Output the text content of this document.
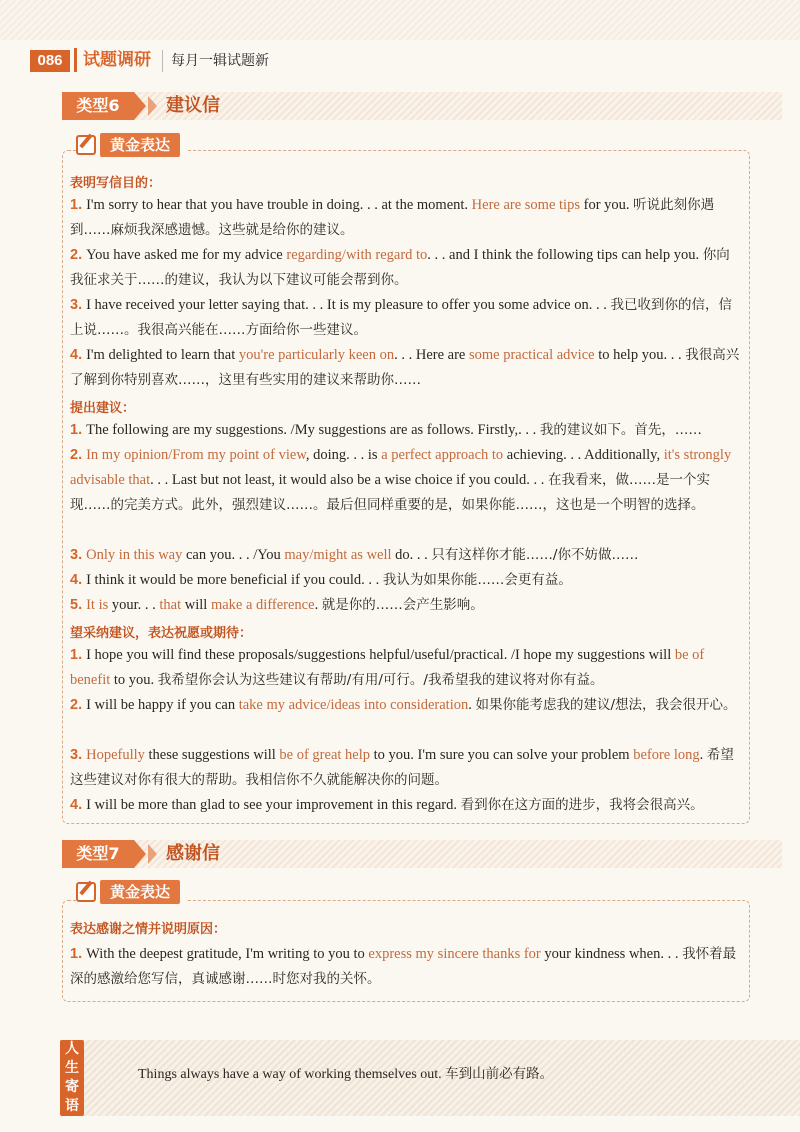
086	试题调研	每月一辑试题新
类型6	建议信
黄金表达
表明写信目的：
1. I'm sorry to hear that you have trouble in doing. . . at the moment. Here are some tips for you. 听说此刻你遇到……麻烦我深感遗憾。这些就是给你的建议。
2. You have asked me for my advice regarding/with regard to. . . and I think the following tips can help you. 你向我征求关于……的建议，我认为以下建议可能会帮到你。
3. I have received your letter saying that. . . It is my pleasure to offer you some advice on. . . 我已收到你的信，信上说……。我很高兴能在……方面给你一些建议。
4. I'm delighted to learn that you're particularly keen on. . . Here are some practical advice to help you. . . 我很高兴了解到你特别喜欢……，这里有些实用的建议来帮助你……
提出建议：
1. The following are my suggestions. /My suggestions are as follows. Firstly,. . . 我的建议如下。首先，……
2. In my opinion/From my point of view, doing. . . is a perfect approach to achieving. . . Additionally, it's strongly advisable that. . . Last but not least, it would also be a wise choice if you could. . . 在我看来，做……是一个实现……的完美方式。此外，强烈建议……。最后但同样重要的是，如果你能……，这也是一个明智的选择。
3. Only in this way can you. . . /You may/might as well do. . . 只有这样你才能……/你不妨做……
4. I think it would be more beneficial if you could. . . 我认为如果你能……会更有益。
5. It is your. . . that will make a difference. 就是你的……会产生影响。
望采纳建议，表达祝愿或期待：
1. I hope you will find these proposals/suggestions helpful/useful/practical. /I hope my suggestions will be of benefit to you. 我希望你会认为这些建议有帮助/有用/可行。/我希望我的建议将对你有益。
2. I will be happy if you can take my advice/ideas into consideration. 如果你能考虑我的建议/想法，我会很开心。
3. Hopefully these suggestions will be of great help to you. I'm sure you can solve your problem before long. 希望这些建议对你有很大的帮助。我相信你不久就能解决你的问题。
4. I will be more than glad to see your improvement in this regard. 看到你在这方面的进步，我将会很高兴。
类型7	感谢信
黄金表达
表达感谢之情并说明原因：
1. With the deepest gratitude, I'm writing to you to express my sincere thanks for your kindness when. . . 我怀着最深的感激给您写信，真诚感谢……时您对我的关怀。
人生寄语
Things always have a way of working themselves out. 车到山前必有路。
